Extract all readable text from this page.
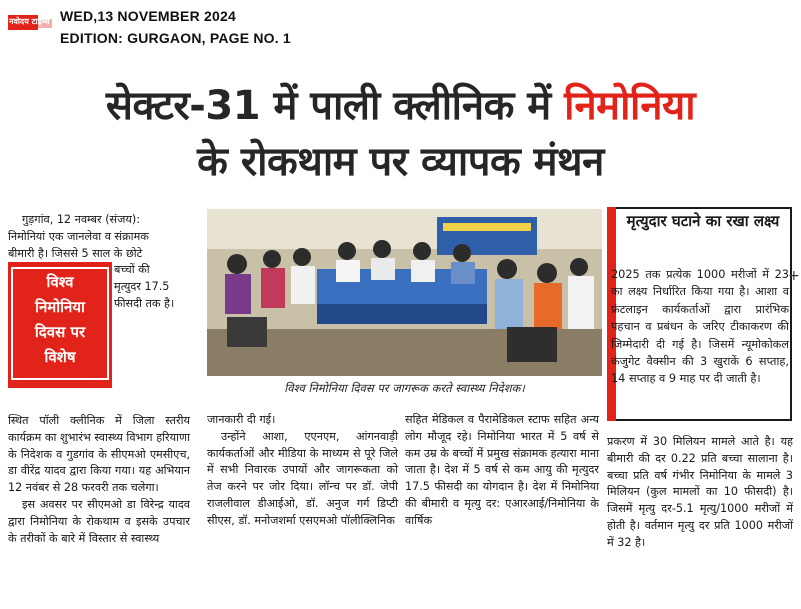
नवोदय टाइम्स WED,13 NOVEMBER 2024
EDITION: GURGAON, PAGE NO. 1
सेक्टर-31 में पाली क्लीनिक में निमोनिया
के रोकथाम पर व्यापक मंथन
गुड़गांव, 12 नवम्बर (संजय):
निमोनियां एक जानलेवा व संक्रामक
बीमारी है। जिससे 5 साल के छोटे
बच्चों की
मृत्युदर 17.5
फीसदी तक है।
विश्व
निमोनिया
दिवस पर
विशेष

स्थित पॉली क्लीनिक में जिला स्तरीय कार्यक्रम का शुभारंभ स्वास्थ्य विभाग हरियाणा के निदेशक व गुडगांव के सीएमओ एमसीएच, डा वीरेंद्र यादव द्वारा किया गया। यह अभियान 12 नवंबर से 28 फरवरी तक चलेगा।

इस अवसर पर सीएमओ डा विरेन्द्र यादव द्वारा निमोनिया के रोकथाम व इसके उपचार के तरीकों के बारे में विस्तार से स्वास्थ्य

विश्व निमोनिया दिवस पर जागरूक करते स्वास्थ्य निदेशक।

जानकारी दी गई।

उन्होंने आशा, एएनएम, आंगनवाड़ी कार्यकर्ताओं और मीडिया के माध्यम से पूरे जिले में सभी निवारक उपायों और जागरूकता को तेज करने पर जोर दिया। लॉन्च पर डॉ. जेपी राजलीवाल डीआईओ, डॉ. अनुज गर्ग डिप्टी सीएस, डॉ. मनोजशर्मा एसएमओ पॉलीक्लिनिक

सहित मेडिकल व पैरामेडिकल स्टाफ सहित अन्य लोग मौजूद रहे। निमोनिया भारत में 5 वर्ष से कम उम्र के बच्चों में प्रमुख संक्रामक हत्यारा माना जाता है। देश में 5 वर्ष से कम आयु की मृत्युदर 17.5 फीसदी का योगदान है। देश में निमोनिया की बीमारी व मृत्यु दर: एआरआई/निमोनिया के वार्षिक

मृत्युदार घटाने का रखा लक्ष्य
2025 तक प्रत्येक 1000 मरीजों में 23 का लक्ष्य निर्धारित किया गया है। आशा व फ्रंटलाइन कार्यकर्ताओं द्वारा प्रारंभिक पहचान व प्रबंधन के जरिए टीकाकरण की जिम्मेदारी दी गई है। जिसमें न्यूमोकोकल कंजुगेट वैक्सीन की 3 खुराकें 6 सप्ताह, 14 सप्ताह व 9 माह पर दी जाती है।
+

प्रकरण में 30 मिलियन मामले आते है। यह बीमारी की दर 0.22 प्रति बच्चा सालाना है। बच्चा प्रति वर्ष गंभीर निमोनिया के मामले 3 मिलियन (कुल मामलों का 10 फीसदी) है। जिसमें मृत्यु दर-5.1 मृत्यु/1000 मरीजों में होती है। वर्तमान मृत्यु दर प्रति 1000 मरीजों में 32 है।
